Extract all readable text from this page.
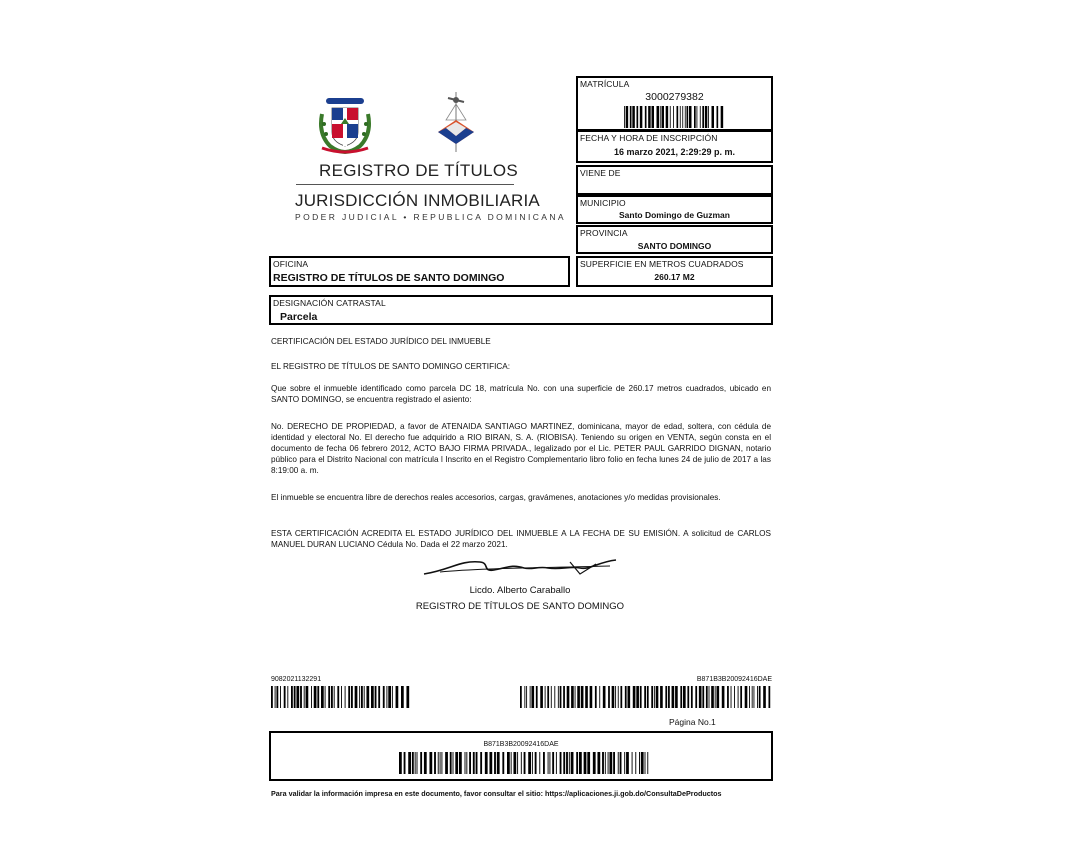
REGISTRO DE TÍTULOS
JURISDICCIÓN INMOBILIARIA
PODER JUDICIAL • REPUBLICA DOMINICANA
MATRÍCULA
3000279382
FECHA Y HORA DE INSCRIPCIÓN
16 marzo 2021, 2:29:29 p. m.
VIENE DE
MUNICIPIO
Santo Domingo de Guzman
PROVINCIA
SANTO DOMINGO
SUPERFICIE EN METROS CUADRADOS
260.17 M2
OFICINA
REGISTRO DE TÍTULOS DE SANTO DOMINGO
DESIGNACIÓN CATRASTAL
Parcela
CERTIFICACIÓN DEL ESTADO JURÍDICO DEL INMUEBLE
EL REGISTRO DE TÍTULOS DE SANTO DOMINGO CERTIFICA:
Que sobre el inmueble identificado como parcela DC 18, matrícula No. con una superficie de 260.17 metros cuadrados, ubicado en SANTO DOMINGO, se encuentra registrado el asiento:
No. DERECHO DE PROPIEDAD, a favor de ATENAIDA SANTIAGO MARTINEZ, dominicana, mayor de edad, soltera, con cédula de identidad y electoral No. El derecho fue adquirido a RIO BIRAN, S. A. (RIOBISA). Teniendo su origen en VENTA, según consta en el documento de fecha 06 febrero 2012, ACTO BAJO FIRMA PRIVADA., legalizado por el Lic. PETER PAUL GARRIDO DIGNAN, notario público para el Distrito Nacional con matrícula l Inscrito en el Registro Complementario libro folio en fecha lunes 24 de julio de 2017 a las 8:19:00 a. m.
El inmueble se encuentra libre de derechos reales accesorios, cargas, gravámenes, anotaciones y/o medidas provisionales.
ESTA CERTIFICACIÓN ACREDITA EL ESTADO JURÍDICO DEL INMUEBLE A LA FECHA DE SU EMISIÓN. A solicitud de CARLOS MANUEL DURAN LUCIANO Cédula No. Dada el 22 marzo 2021.
Licdo. Alberto Caraballo
REGISTRO DE TÍTULOS DE SANTO DOMINGO
9082021132291	B871B3B20092416DAE
Página No.1
B871B3B20092416DAE
Para validar la información impresa en este documento, favor consultar el sitio: https://aplicaciones.ji.gob.do/ConsultaDeProductos
